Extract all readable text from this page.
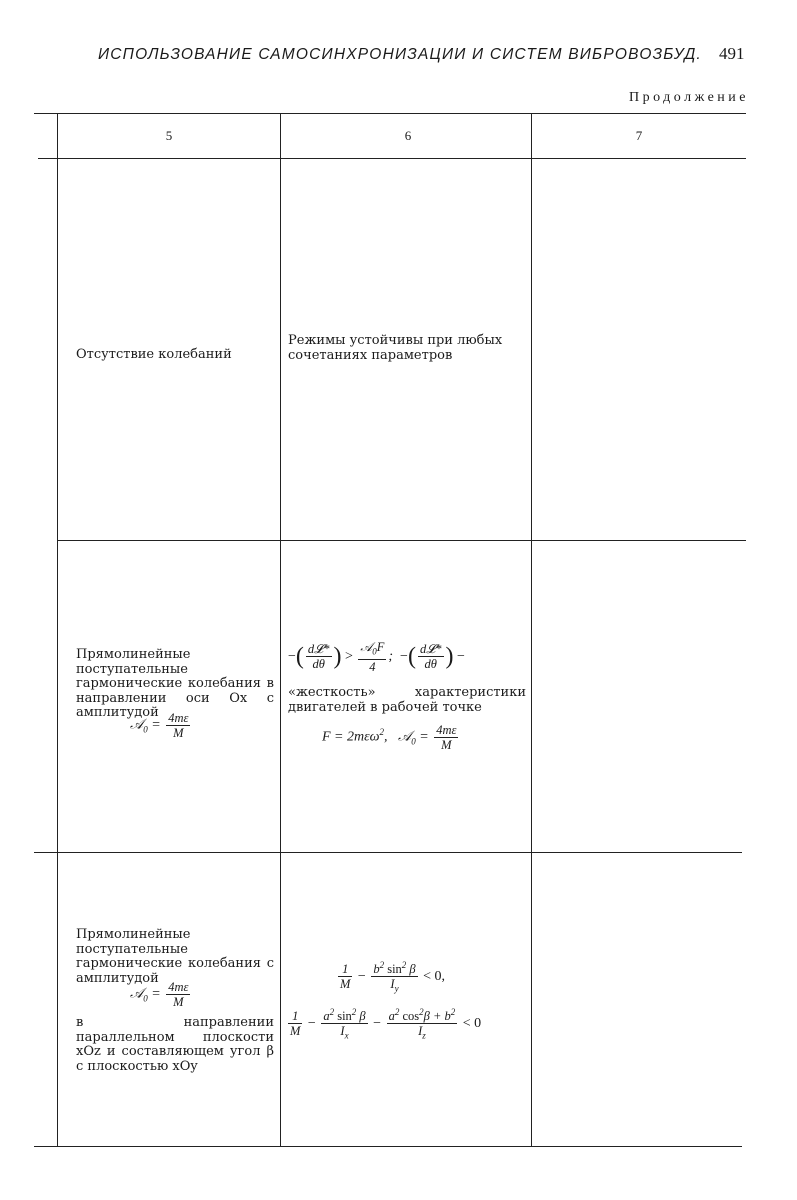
ИСПОЛЬЗОВАНИЕ САМОСИНХРОНИЗАЦИИ И СИСТЕМ ВИБРОВОЗБУД. 491
Продолжение
5	6	7
Отсутствие колебаний
Режимы устойчивы при любых сочетаниях параметров
Прямолинейные поступательные гармонические колебания в направлении оси Ox с амплитудой
𝒜$_0$ = $\frac{4m\varepsilon}{M}$
−( $\frac{\text{d𝓛*}}{d\theta}$ ) > $\frac{𝒜_0F}{4}$ ;  −( $\frac{\text{d𝓛*}}{d\theta}$ ) −
«жесткость» характеристики двигателей в рабочей точке
F = 2mεω$^2$,   𝒜$_0$ = $\frac{4m\varepsilon}{M}$
Прямолинейные поступательные гармонические колебания с амплитудой
𝒜$_0$ = $\frac{4m\varepsilon}{M}$
в направлении параллельном плоскости xOz и составляющем угол β с плоскостью xOy
$\frac{1}{M} - \frac{b^2 \sin^2 \beta}{I_y} < 0$,
$\frac{1}{M} - \frac{a^2 \sin^2 \beta}{I_x} - \frac{a^2 \cos^2\beta + b^2}{I_z} < 0$
